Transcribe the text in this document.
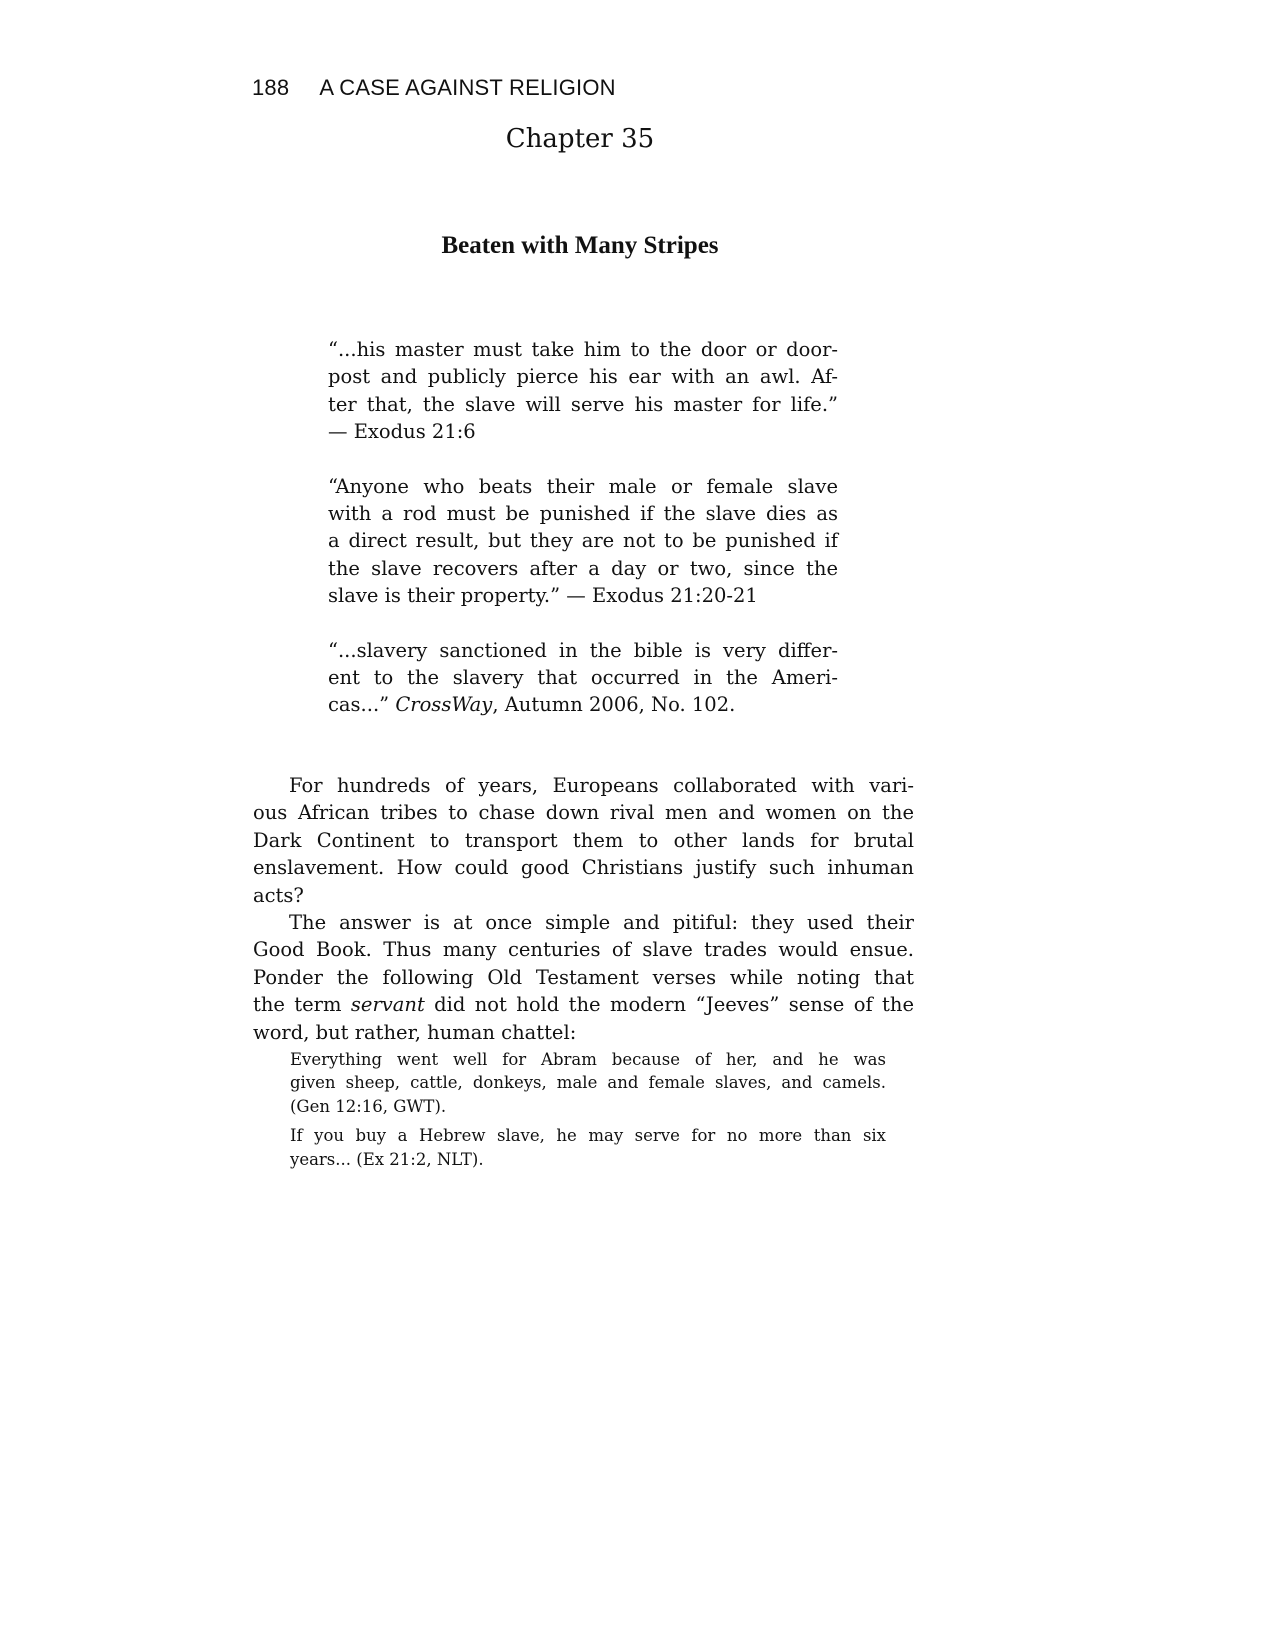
188 A CASE AGAINST RELIGION
Chapter 35
Beaten with Many Stripes

“...his master must take him to the door or door-
post and publicly pierce his ear with an awl. Af-
ter that, the slave will serve his master for life.”
— Exodus 21:6

“Anyone who beats their male or female slave
with a rod must be punished if the slave dies as
a direct result, but they are not to be punished if
the slave recovers after a day or two, since the
slave is their property.” — Exodus 21:20-21

“...slavery sanctioned in the bible is very differ-
ent to the slavery that occurred in the Ameri-
cas...” CrossWay, Autumn 2006, No. 102.

For hundreds of years, Europeans collaborated with vari-
ous African tribes to chase down rival men and women on the
Dark Continent to transport them to other lands for brutal
enslavement. How could good Christians justify such inhuman
acts?
The answer is at once simple and pitiful: they used their
Good Book. Thus many centuries of slave trades would ensue.
Ponder the following Old Testament verses while noting that
the term servant did not hold the modern “Jeeves” sense of the
word, but rather, human chattel:
Everything went well for Abram because of her, and he was
given sheep, cattle, donkeys, male and female slaves, and camels.
(Gen 12:16, GWT).
If you buy a Hebrew slave, he may serve for no more than six
years... (Ex 21:2, NLT).
